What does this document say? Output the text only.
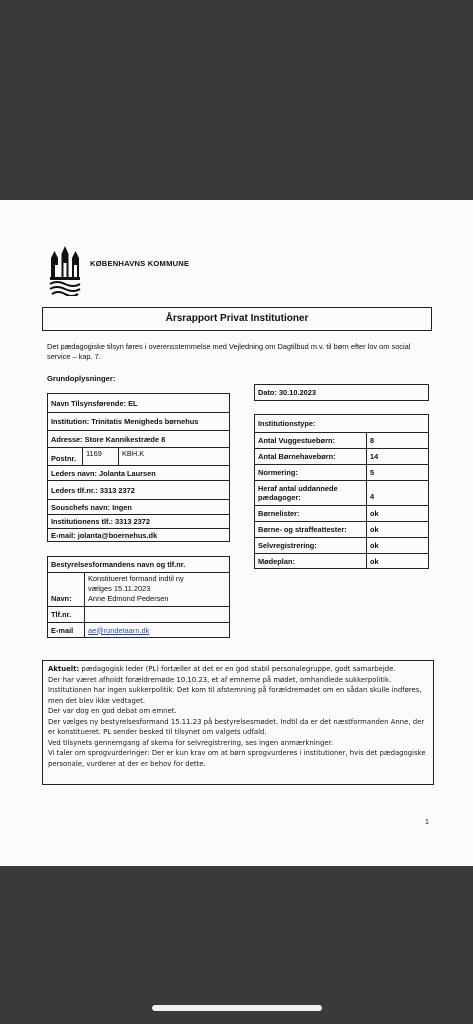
KØBENHAVNS KOMMUNE
Årsrapport Privat Institutioner
Det pædagogiske tilsyn føres i overensstemmelse med Vejledning om Dagtilbud m.v. til børn efter lov om social service – kap. 7.
Grundoplysninger:
Navn Tilsynsførende: EL
Institution: Trinitatis Menigheds børnehus
Adresse: Store Kannikestræde 8
Postnr.
1169	KBH.K
Leders navn: Jolanta Laursen
Leders tlf.nr.: 3313 2372
Souschefs navn: Ingen
Institutionens tlf.: 3313 2372
E-mail: jolanta@boernehus.dk
Dato: 30.10.2023
Institutionstype:
Antal Vuggestuebørn:	8
Antal Børnehavebørn:	14
Normering:	5
Heraf antal uddannede pædagoger:	4
Børnelister:	ok
Børne- og straffeattester:	ok
Selvregistrering:	ok
Mødeplan:	ok
Bestyrelsesformandens navn og tlf.nr.
Navn:
Konstitueret formand indtil ny
vælges 15.11.2023
Anne Edmond Pedersen
Tlf.nr.
E-mail	ae@rundetaarn.dk

Aktuelt: pædagogisk leder (PL) fortæller at det er en god stabil personalegruppe, godt samarbejde.

Der har været afholdt forældremøde 10.10.23, et af emnerne på mødet, omhandlede sukkerpolitik.

Institutionen har ingen sukkerpolitik. Det kom til afstemning på forældremødet om en sådan skulle indføres, men det blev ikke vedtaget.

Der var dog en god debat om emnet.

Der vælges ny bestyrelsesformand 15.11.23 på bestyrelsesmødet. Indtil da er det næstformanden Anne, der er konstitueret. PL sender besked til tilsynet om valgets udfald.

Ved tilsynets gennemgang af skema for selvregistrering, ses ingen anmærkninger.

Vi taler om sprogvurderinger: Der er kun krav om at børn sprogvurderes i institutioner, hvis det pædagogiske personale, vurderer at der er behov for dette.

1
